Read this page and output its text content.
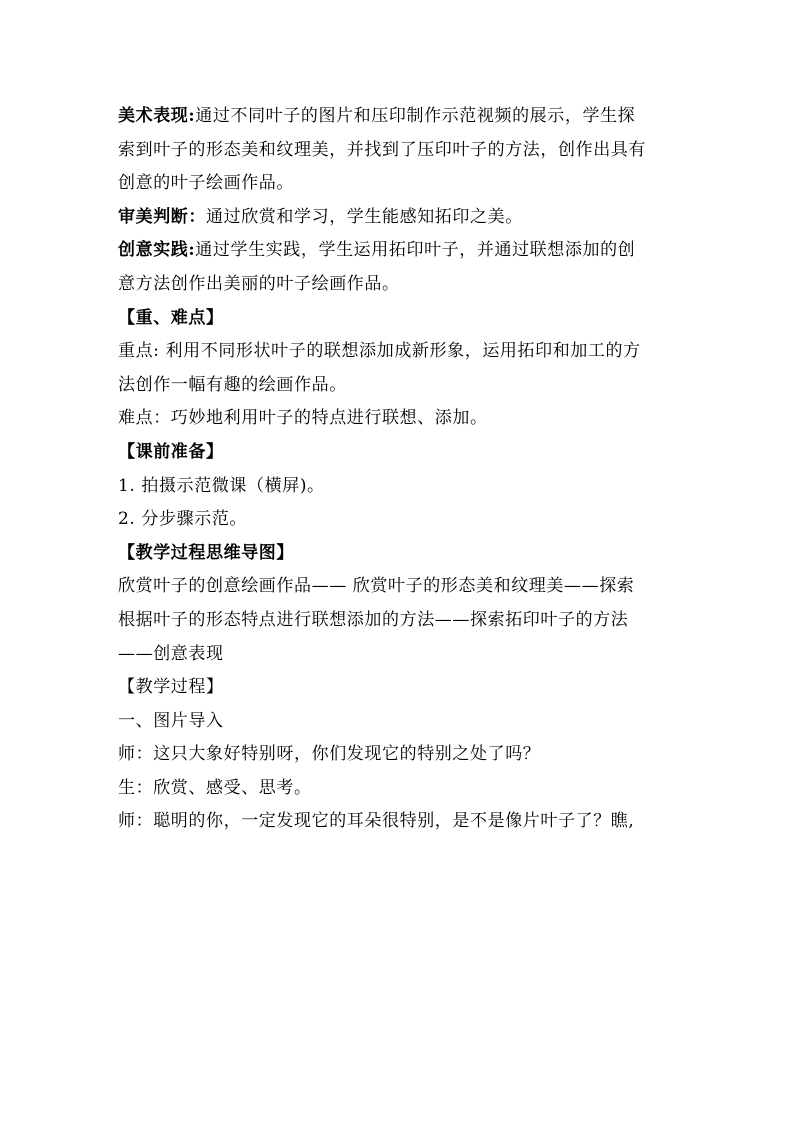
美术表现:通过不同叶子的图片和压印制作示范视频的展示，学生探
索到叶子的形态美和纹理美，并找到了压印叶子的方法，创作出具有
创意的叶子绘画作品。
审美判断：通过欣赏和学习，学生能感知拓印之美。
创意实践:通过学生实践，学生运用拓印叶子，并通过联想添加的创
意方法创作出美丽的叶子绘画作品。
【重、难点】
重点: 利用不同形状叶子的联想添加成新形象，运用拓印和加工的方
法创作一幅有趣的绘画作品。
难点：巧妙地利用叶子的特点进行联想、添加。
【课前准备】
1. 拍摄示范微课（横屏)。
2. 分步骤示范。
【教学过程思维导图】
欣赏叶子的创意绘画作品—— 欣赏叶子的形态美和纹理美——探索
根据叶子的形态特点进行联想添加的方法——探索拓印叶子的方法
——创意表现
【教学过程】
一、图片导入
师：这只大象好特别呀，你们发现它的特别之处了吗？
生：欣赏、感受、思考。
师：聪明的你，一定发现它的耳朵很特别，是不是像片叶子了？瞧,
